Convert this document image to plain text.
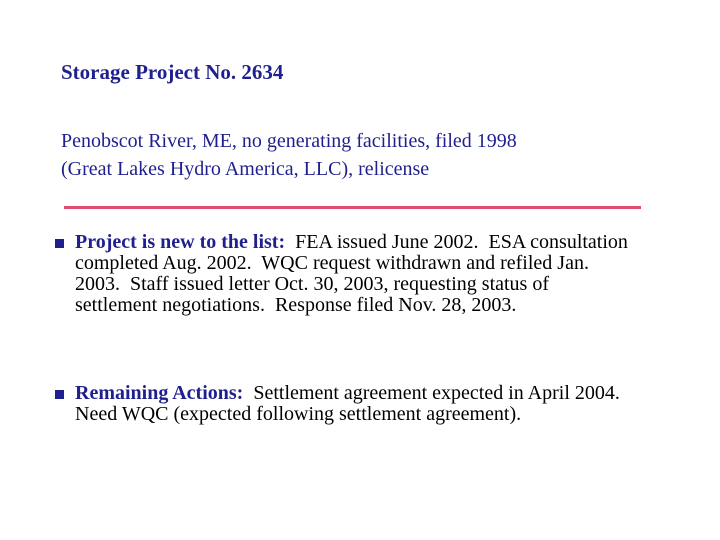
Storage Project No. 2634
Penobscot River, ME, no generating facilities, filed 1998
(Great Lakes Hydro America, LLC), relicense
Project is new to the list:  FEA issued June 2002.  ESA consultation completed Aug. 2002.  WQC request withdrawn and refiled Jan. 2003.  Staff issued letter Oct. 30, 2003, requesting status of settlement negotiations.  Response filed Nov. 28, 2003.
Remaining Actions:  Settlement agreement expected in April 2004.  Need WQC (expected following settlement agreement).
